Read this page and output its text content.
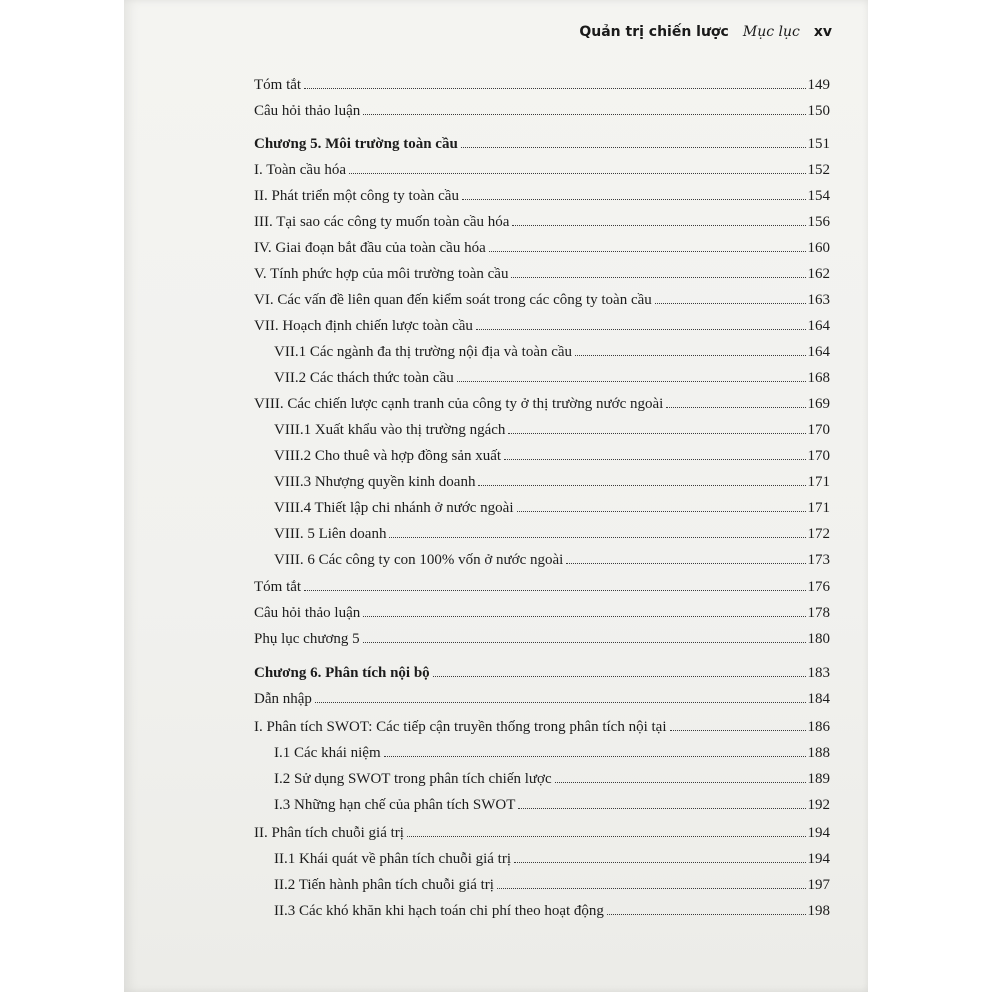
Quản trị chiến lược Mục lục xv
Tóm tắt	149
Câu hỏi thảo luận	150
Chương 5. Môi trường toàn cầu	151
I. Toàn cầu hóa	152
II. Phát triển một công ty toàn cầu	154
III. Tại sao các công ty muốn toàn cầu hóa	156
IV. Giai đoạn bắt đầu của toàn cầu hóa	160
V. Tính phức hợp của môi trường toàn cầu	162
VI. Các vấn đề liên quan đến kiểm soát trong các công ty toàn cầu	163
VII. Hoạch định chiến lược toàn cầu	164
VII.1 Các ngành đa thị trường nội địa và toàn cầu	164
VII.2 Các thách thức toàn cầu	168
VIII. Các chiến lược cạnh tranh của công ty ở thị trường nước ngoài	169
VIII.1 Xuất khẩu vào thị trường ngách	170
VIII.2 Cho thuê và hợp đồng sản xuất	170
VIII.3 Nhượng quyền kinh doanh	171
VIII.4 Thiết lập chi nhánh ở nước ngoài	171
VIII. 5 Liên doanh	172
VIII. 6 Các công ty con 100% vốn ở nước ngoài	173
Tóm tắt	176
Câu hỏi thảo luận	178
Phụ lục chương 5	180
Chương 6. Phân tích nội bộ	183
Dẫn nhập	184
I. Phân tích SWOT: Các tiếp cận truyền thống trong phân tích nội tại	186
I.1 Các khái niệm	188
I.2 Sử dụng SWOT trong phân tích chiến lược	189
I.3 Những hạn chế của phân tích SWOT	192
II. Phân tích chuỗi giá trị	194
II.1 Khái quát về phân tích chuỗi giá trị	194
II.2 Tiến hành phân tích chuỗi giá trị	197
II.3 Các khó khăn khi hạch toán chi phí theo hoạt động	198
